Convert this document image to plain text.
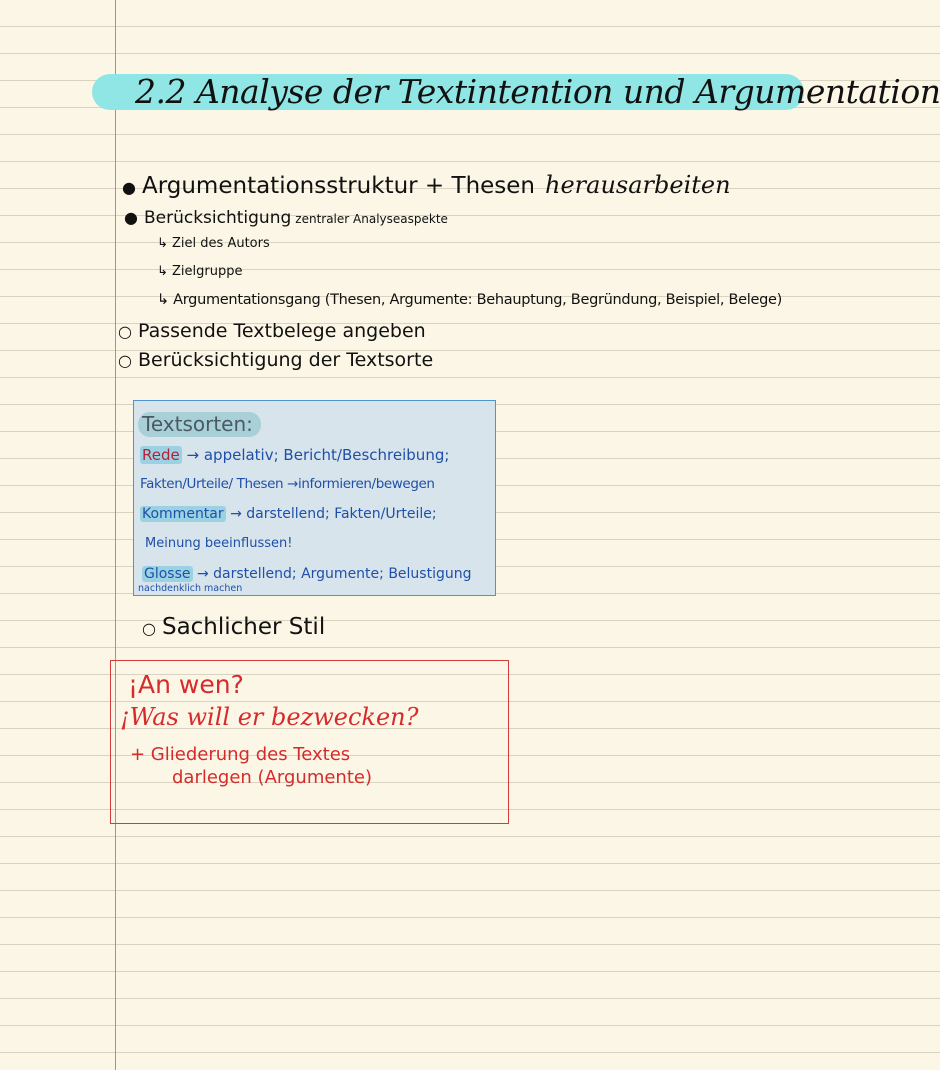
2.2 Analyse der Textintention und Argumentation
● Argumentationsstruktur + Thesen herausarbeiten
● Berücksichtigung zentraler Analyseaspekte
↳ Ziel des Autors
↳ Zielgruppe
↳ Argumentationsgang (Thesen, Argumente: Behauptung, Begründung, Beispiel, Belege)
○ Passende Textbelege angeben
○ Berücksichtigung der Textsorte
Textsorten:
Rede → appelativ; Bericht/Beschreibung;
Fakten/Urteile/ Thesen →informieren/bewegen
Kommentar → darstellend; Fakten/Urteile;
Meinung beeinflussen!
Glosse → darstellend; Argumente; Belustigung
nachdenklich machen
○ Sachlicher Stil
¡An wen?
¡Was will er bezwecken?
+ Gliederung des Textes
darlegen (Argumente)
